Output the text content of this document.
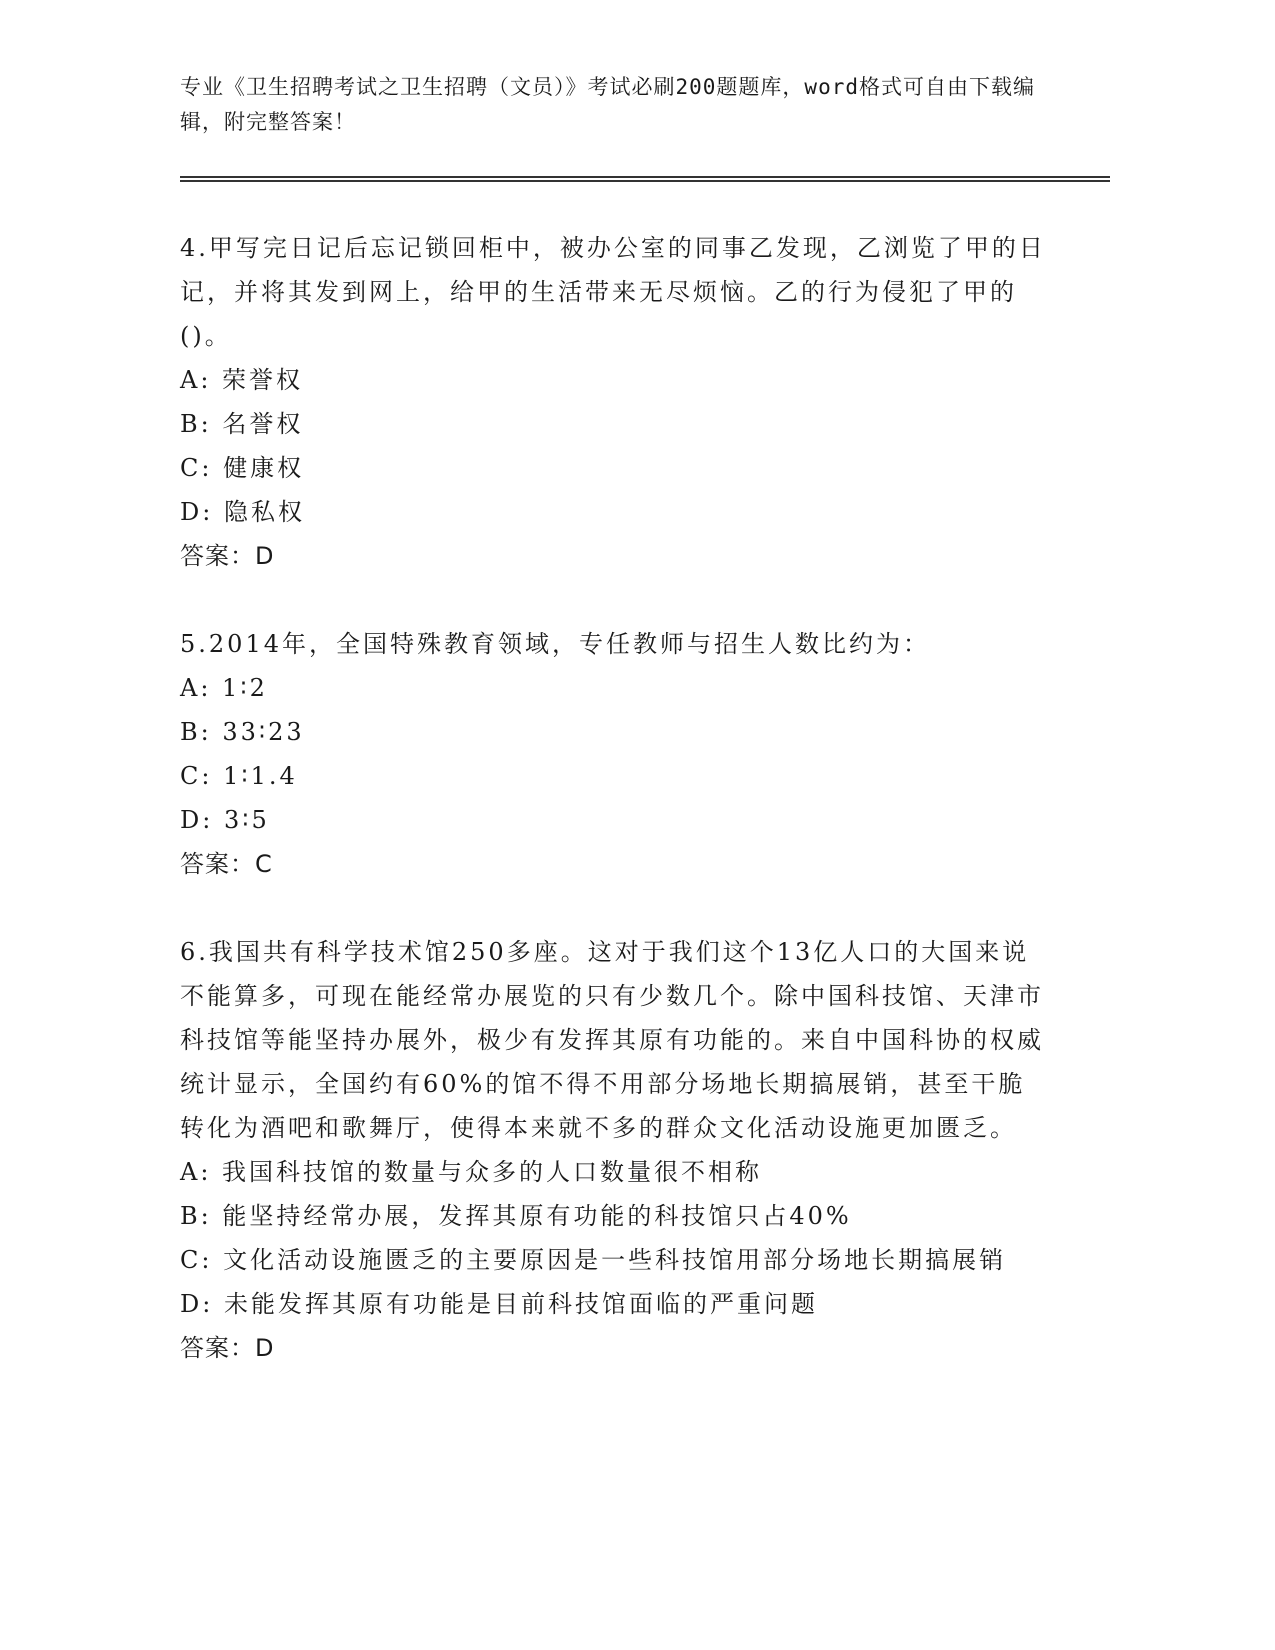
专业《卫生招聘考试之卫生招聘（文员）》考试必刷200题题库，word格式可自由下载编辑，附完整答案！
4.甲写完日记后忘记锁回柜中，被办公室的同事乙发现，乙浏览了甲的日记，并将其发到网上，给甲的生活带来无尽烦恼。乙的行为侵犯了甲的()。
A: 荣誉权
B: 名誉权
C: 健康权
D: 隐私权
答案：D
5.2014年，全国特殊教育领域，专任教师与招生人数比约为：
A: 1∶2
B: 33∶23
C: 1∶1.4
D: 3∶5
答案：C
6.我国共有科学技术馆250多座。这对于我们这个13亿人口的大国来说不能算多，可现在能经常办展览的只有少数几个。除中国科技馆、天津市科技馆等能坚持办展外，极少有发挥其原有功能的。来自中国科协的权威统计显示，全国约有60%的馆不得不用部分场地长期搞展销，甚至干脆转化为酒吧和歌舞厅，使得本来就不多的群众文化活动设施更加匮乏。
A: 我国科技馆的数量与众多的人口数量很不相称
B: 能坚持经常办展，发挥其原有功能的科技馆只占40%
C: 文化活动设施匮乏的主要原因是一些科技馆用部分场地长期搞展销
D: 未能发挥其原有功能是目前科技馆面临的严重问题
答案：D
